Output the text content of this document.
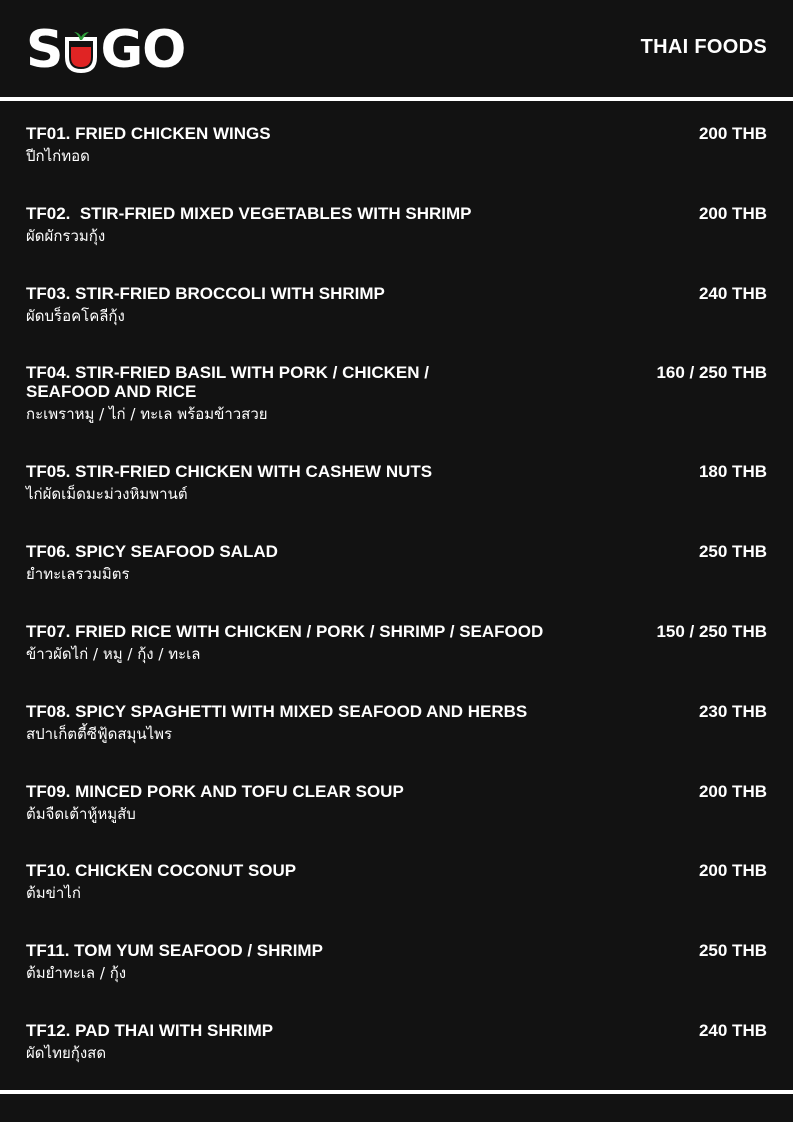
S G O	THAI FOODS
TF01. FRIED CHICKEN WINGS	200 THB
ปีกไก่ทอด
TF02.  STIR-FRIED MIXED VEGETABLES WITH SHRIMP	200 THB
ผัดผักรวมกุ้ง
TF03. STIR-FRIED BROCCOLI WITH SHRIMP	240 THB
ผัดบร็อคโคลีกุ้ง
TF04. STIR-FRIED BASIL WITH PORK / CHICKEN /
SEAFOOD AND RICE
160 / 250 THB
กะเพราหมู / ไก่ / ทะเล พร้อมข้าวสวย
TF05. STIR-FRIED CHICKEN WITH CASHEW NUTS	180 THB
ไก่ผัดเม็ดมะม่วงหิมพานต์
TF06. SPICY SEAFOOD SALAD	250 THB
ยำทะเลรวมมิตร
TF07. FRIED RICE WITH CHICKEN / PORK / SHRIMP / SEAFOOD	150 / 250 THB
ข้าวผัดไก่ / หมู / กุ้ง / ทะเล
TF08. SPICY SPAGHETTI WITH MIXED SEAFOOD AND HERBS	230 THB
สปาเก็ตตี้ซีฟู้ดสมุนไพร
TF09. MINCED PORK AND TOFU CLEAR SOUP	200 THB
ต้มจืดเต้าหู้หมูสับ
TF10. CHICKEN COCONUT SOUP	200 THB
ต้มข่าไก่
TF11. TOM YUM SEAFOOD / SHRIMP	250 THB
ต้มยำทะเล / กุ้ง
TF12. PAD THAI WITH SHRIMP	240 THB
ผัดไทยกุ้งสด
